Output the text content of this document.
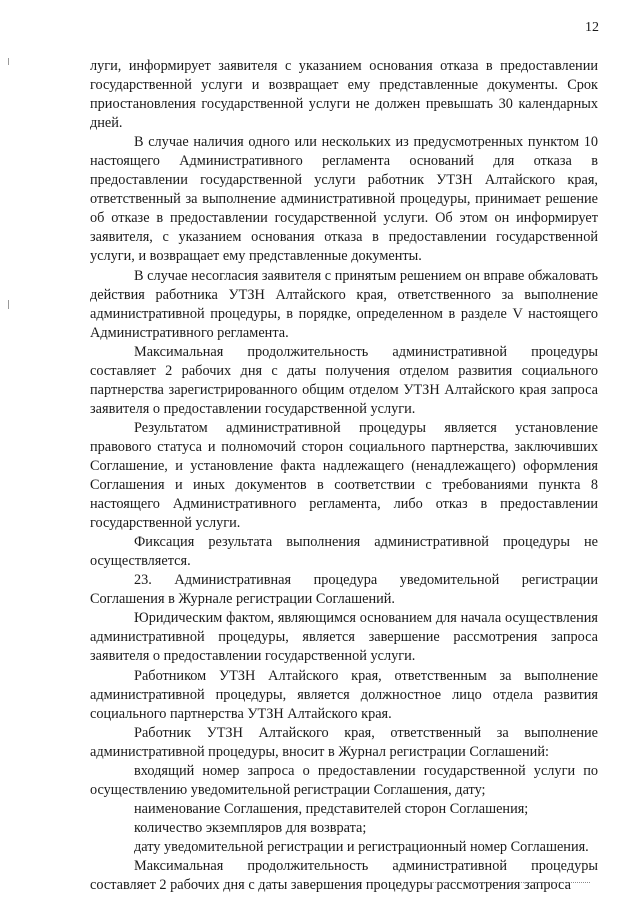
12

луги, информирует заявителя с указанием основания отказа в предоставлении государственной услуги и возвращает ему представленные документы. Срок приостановления государственной услуги не должен превышать 30 календарных дней.

В случае наличия одного или нескольких из предусмотренных пунктом 10 настоящего Административного регламента оснований для отказа в предоставлении государственной услуги работник УТЗН Алтайского края, ответственный за выполнение административной процедуры, принимает решение об отказе в предоставлении государственной услуги. Об этом он информирует заявителя, с указанием основания отказа в предоставлении государственной услуги, и возвращает ему представленные документы.

В случае несогласия заявителя с принятым решением он вправе обжаловать действия работника УТЗН Алтайского края, ответственного за выполнение административной процедуры, в порядке, определенном в разделе V настоящего Административного регламента.

Максимальная продолжительность административной процедуры составляет 2 рабочих дня с даты получения отделом развития социального партнерства зарегистрированного общим отделом УТЗН Алтайского края запроса заявителя о предоставлении государственной услуги.

Результатом административной процедуры является установление правового статуса и полномочий сторон социального партнерства, заключивших Соглашение, и установление факта надлежащего (ненадлежащего) оформления Соглашения и иных документов в соответствии с требованиями пункта 8 настоящего Административного регламента, либо отказ в предоставлении государственной услуги.

Фиксация результата выполнения административной процедуры не осуществляется.

23. Административная процедура уведомительной регистрации Соглашения в Журнале регистрации Соглашений.

Юридическим фактом, являющимся основанием для начала осуществления административной процедуры, является завершение рассмотрения запроса заявителя о предоставлении государственной услуги.

Работником УТЗН Алтайского края, ответственным за выполнение административной процедуры, является должностное лицо отдела развития социального партнерства УТЗН Алтайского края.

Работник УТЗН Алтайского края, ответственный за выполнение административной процедуры, вносит в Журнал регистрации Соглашений:

входящий номер запроса о предоставлении государственной услуги по осуществлению уведомительной регистрации Соглашения, дату;

наименование Соглашения, представителей сторон Соглашения;

количество экземпляров для возврата;

дату уведомительной регистрации и регистрационный номер Соглашения.

Максимальная продолжительность административной процедуры составляет 2 рабочих дня с даты завершения процедуры рассмотрения запроса
